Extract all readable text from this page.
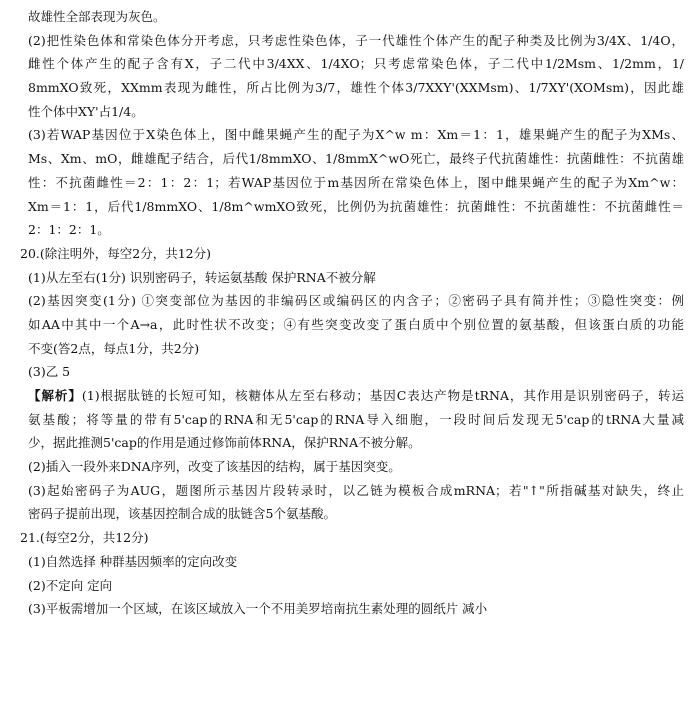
故雄性全部表现为灰色。
(2)把性染色体和常染色体分开考虑，只考虑性染色体，子一代雄性个体产生的配子种类及比例为3/4X、1/4O，
雌性个体产生的配子含有X，子二代中3/4XX、1/4XO；只考虑常染色体，子二代中1/2Msm、1/2mm，1/
8mmXO致死，XXmm表现为雌性，所占比例为3/7，雄性个体3/7XXY'(XXMsm)、1/7XY'(XOMsm)，因此雄
性个体中XY'占1/4。
(3)若WAP基因位于X染色体上，图中雌果蝇产生的配子为X^w m：Xm＝1：1，雄果蝇产生的配子为XMs、
Ms、Xm、mO，雌雄配子结合，后代1/8mmXO、1/8mmX^wO死亡，最终子代抗菌雄性：抗菌雌性：不抗菌雄
性：不抗菌雌性＝2：1：2：1；若WAP基因位于m基因所在常染色体上，图中雌果蝇产生的配子为Xm^w：
Xm＝1：1，后代1/8mmXO、1/8m^wmXO致死，比例仍为抗菌雄性：抗菌雌性：不抗菌雄性：不抗菌雌性＝
2：1：2：1。
20.(除注明外，每空2分，共12分)
(1)从左至右(1分) 识别密码子，转运氨基酸 保护RNA不被分解
(2)基因突变(1分) ①突变部位为基因的非编码区或编码区的内含子；②密码子具有简并性；③隐性突变：例
如AA中其中一个A→a，此时性状不改变；④有些突变改变了蛋白质中个别位置的氨基酸，但该蛋白质的功能
不变(答2点，每点1分，共2分)
(3)乙 5
【解析】(1)根据肽链的长短可知，核糖体从左至右移动；基因C表达产物是tRNA，其作用是识别密码子，转运
氨基酸；将等量的带有5'cap的RNA和无5'cap的RNA导入细胞，一段时间后发现无5'cap的tRNA大量减
少，据此推测5'cap的作用是通过修饰前体RNA，保护RNA不被分解。
(2)插入一段外来DNA序列，改变了该基因的结构，属于基因突变。
(3)起始密码子为AUG，题图所示基因片段转录时，以乙链为模板合成mRNA；若"↑"所指碱基对缺失，终止
密码子提前出现，该基因控制合成的肽链含5个氨基酸。
21.(每空2分，共12分)
(1)自然选择 种群基因频率的定向改变
(2)不定向 定向
(3)平板需增加一个区域，在该区域放入一个不用美罗培南抗生素处理的圆纸片 减小
